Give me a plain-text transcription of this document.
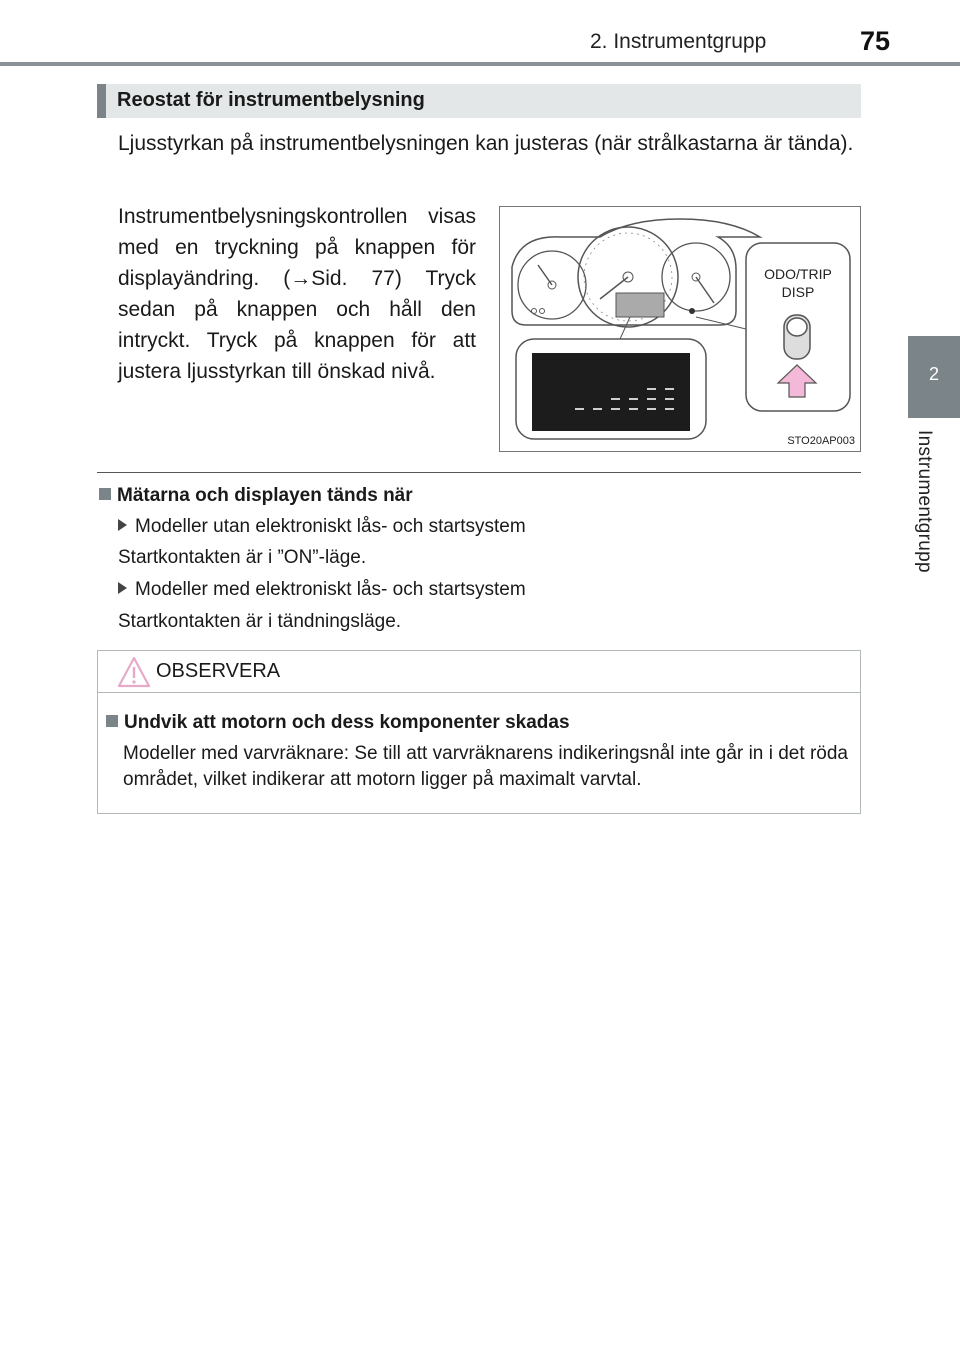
2. Instrumentgrupp	75
2
Instrumentgrupp
Reostat för instrumentbelysning
Ljusstyrkan på instrumentbelysningen kan justeras (när strålkastarna är tända).
Instrumentbelysningskontrollen visas med en tryckning på knappen för displayändring. (→Sid. 77) Tryck sedan på knappen och håll den intryckt. Tryck på knappen för att justera ljusstyrkan till önskad nivå.
ODO/TRIP
DISP
STO20AP003
Mätarna och displayen tänds när
Modeller utan elektroniskt lås- och startsystem
Startkontakten är i ”ON”-läge.
Modeller med elektroniskt lås- och startsystem
Startkontakten är i tändningsläge.
OBSERVERA
Undvik att motorn och dess komponenter skadas
Modeller med varvräknare: Se till att varvräknarens indikeringsnål inte går in i det röda området, vilket indikerar att motorn ligger på maximalt varvtal.
